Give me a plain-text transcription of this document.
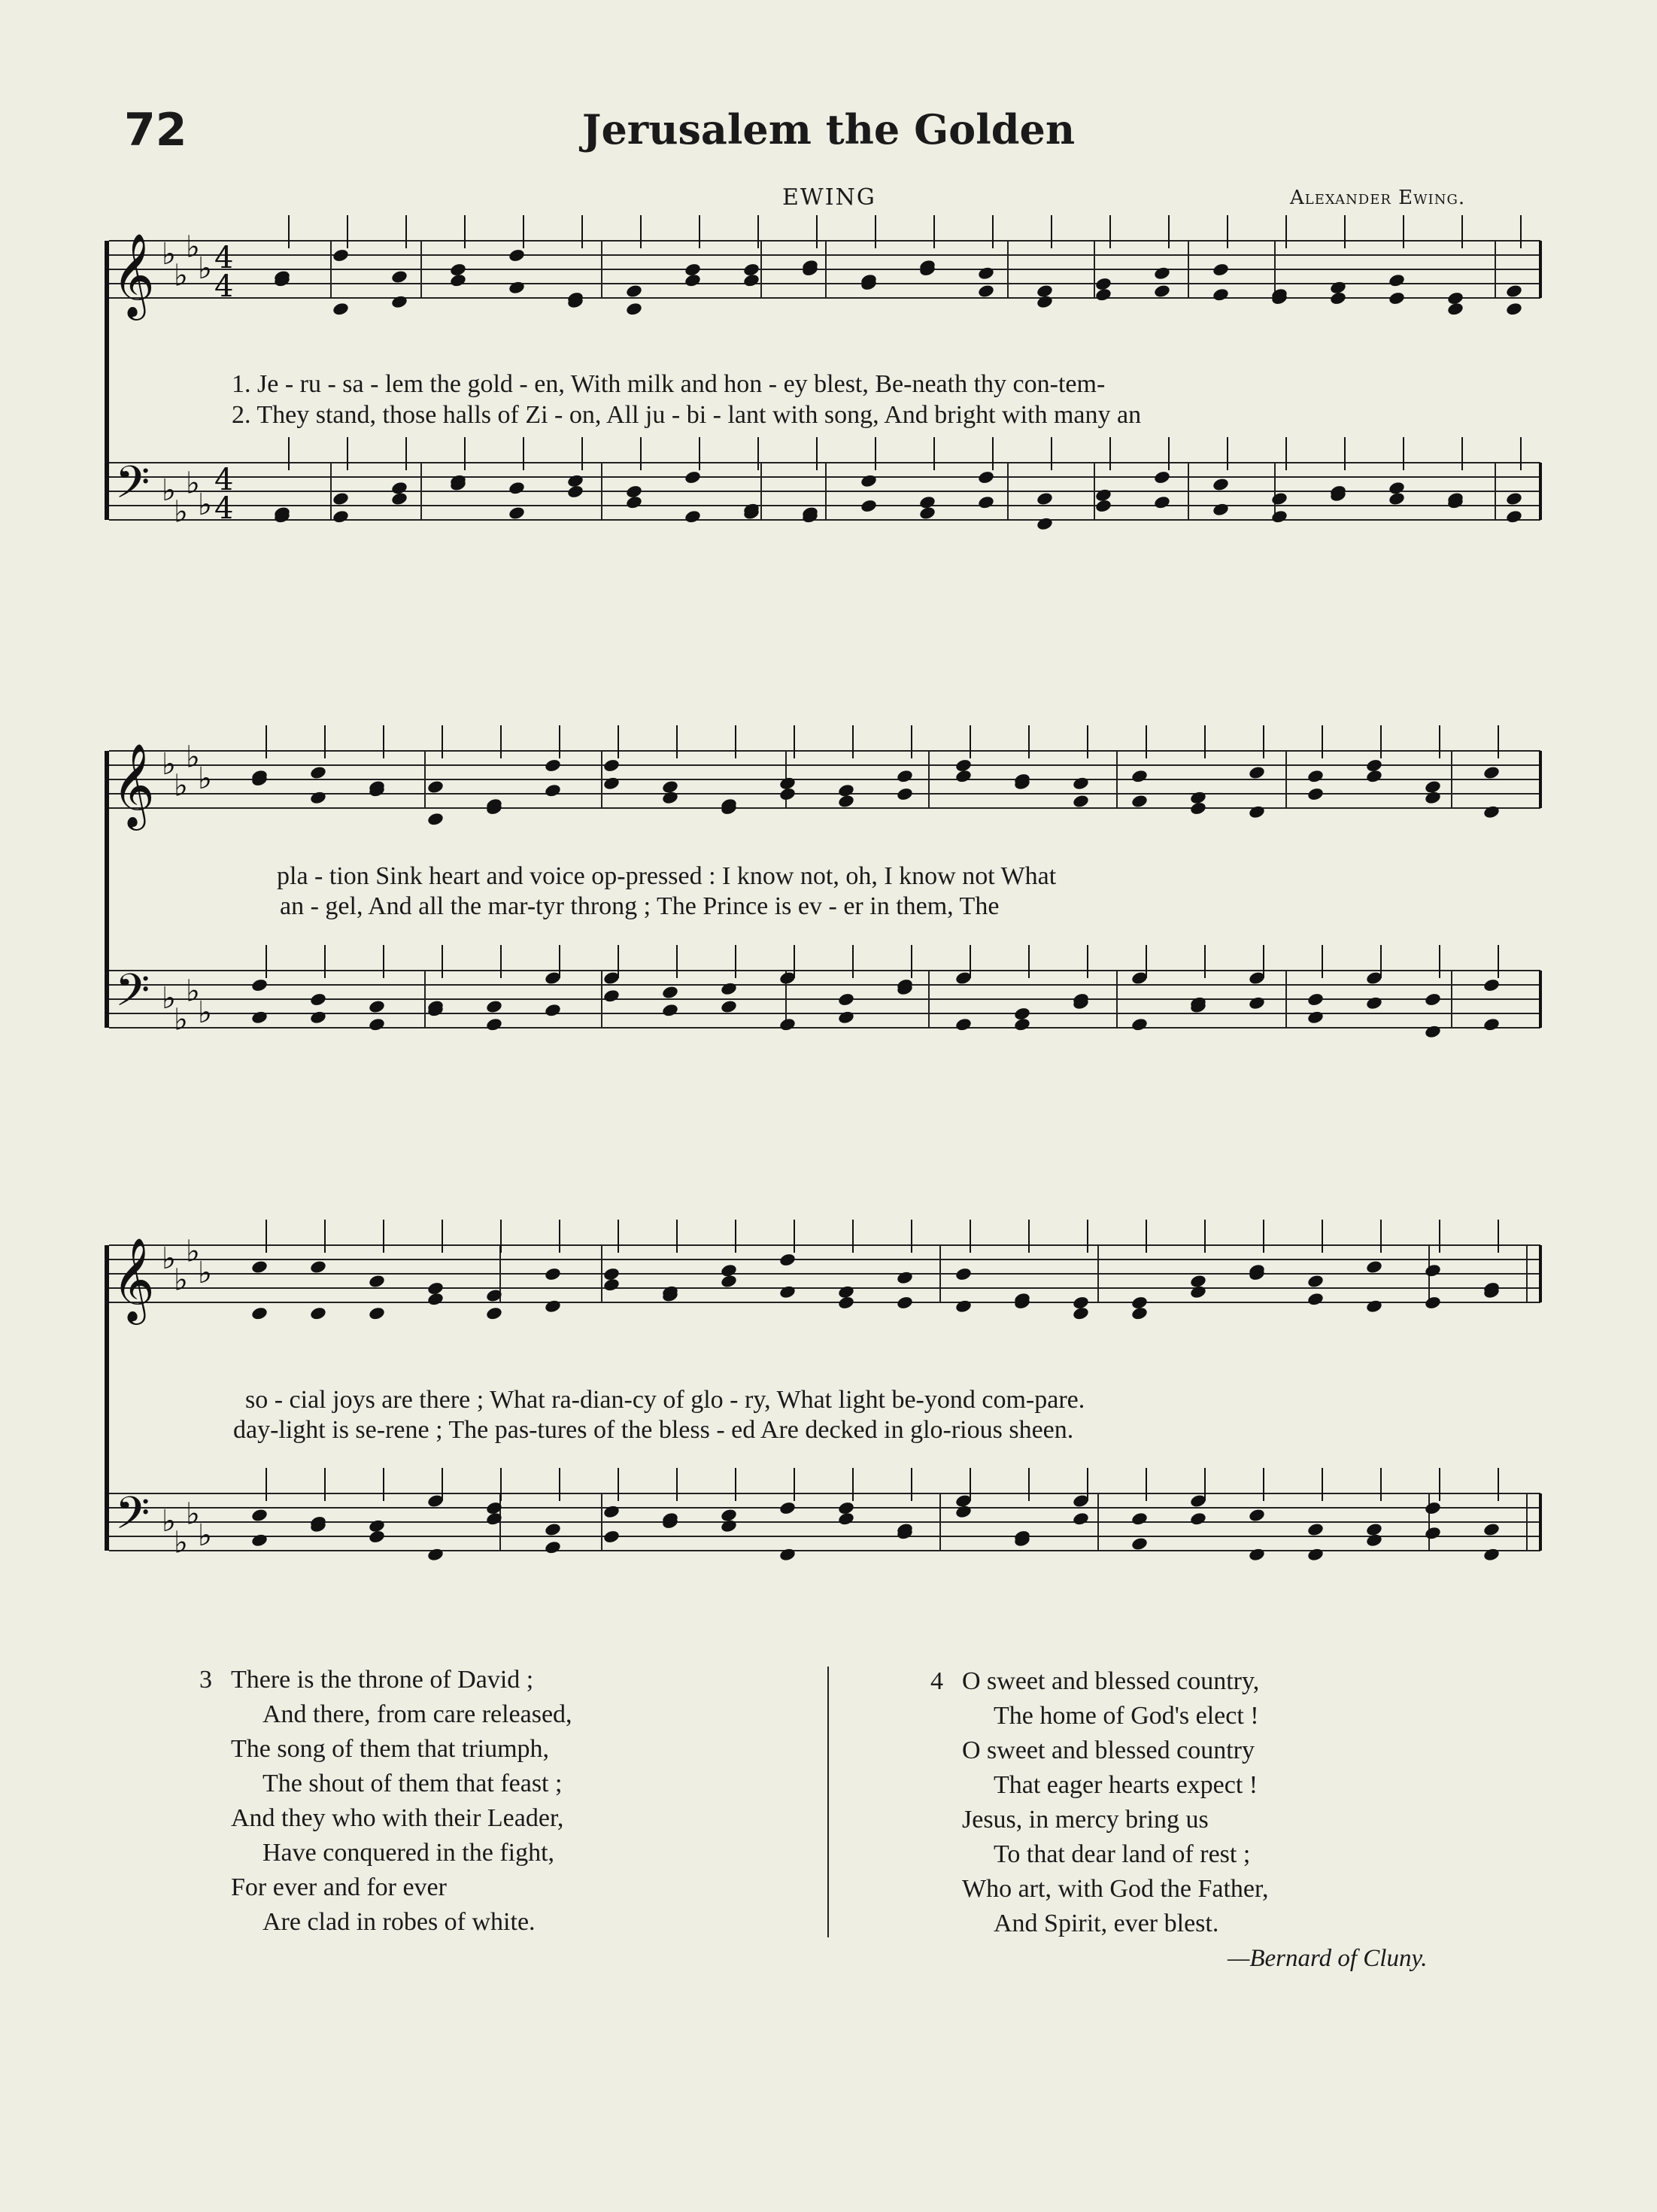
72	Jerusalem the Golden
EWING	Alexander Ewing.
𝄞
𝄢
♭
♭
♭
♭
♭
♭
♭
♭
4
4
4
4
𝄞
𝄢
♭
♭
♭
♭
♭
♭
♭
♭
𝄞
𝄢
♭
♭
♭
♭
♭
♭
♭
♭
1. Je - ru - sa - lem the gold - en, With milk and hon - ey blest, Be-neath thy con-tem-
2. They stand, those halls of Zi - on, All ju - bi - lant with song, And bright with many an
pla - tion Sink heart and voice op-pressed : I know not, oh, I know not What
an - gel, And all the mar-tyr throng ; The Prince is ev - er in them, The
so - cial joys are there ; What ra-dian-cy of glo - ry, What light be-yond com-pare.
day-light is se-rene ; The pas-tures of the bless - ed Are decked in glo-rious sheen.
3 There is the throne of David ;
And there, from care released,
The song of them that triumph,
The shout of them that feast ;
And they who with their Leader,
Have conquered in the fight,
For ever and for ever
Are clad in robes of white.
4 O sweet and blessed country,
The home of God's elect !
O sweet and blessed country
That eager hearts expect !
Jesus, in mercy bring us
To that dear land of rest ;
Who art, with God the Father,
And Spirit, ever blest.
—Bernard of Cluny.
